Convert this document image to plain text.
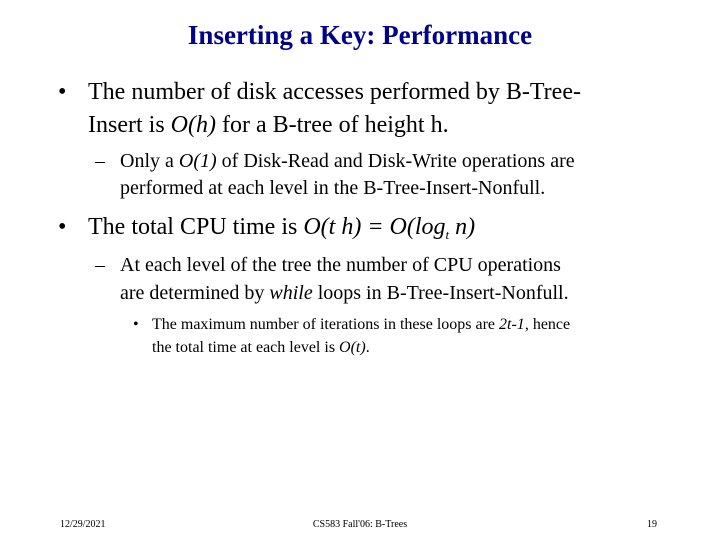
Inserting a Key: Performance
• The number of disk accesses performed by B-Tree-
Insert is O(h) for a B-tree of height h.
– Only a O(1) of Disk-Read and Disk-Write operations are
performed at each level in the B-Tree-Insert-Nonfull.
• The total CPU time is O(t $h) = O(\log_t$ n)
– At each level of the tree the number of CPU operations
are determined by while loops in B-Tree-Insert-Nonfull.
• The maximum number of iterations in these loops are 2t-1, hence
the total time at each level is O(t).
12/29/2021	CS583 Fall'06: B-Trees	19
